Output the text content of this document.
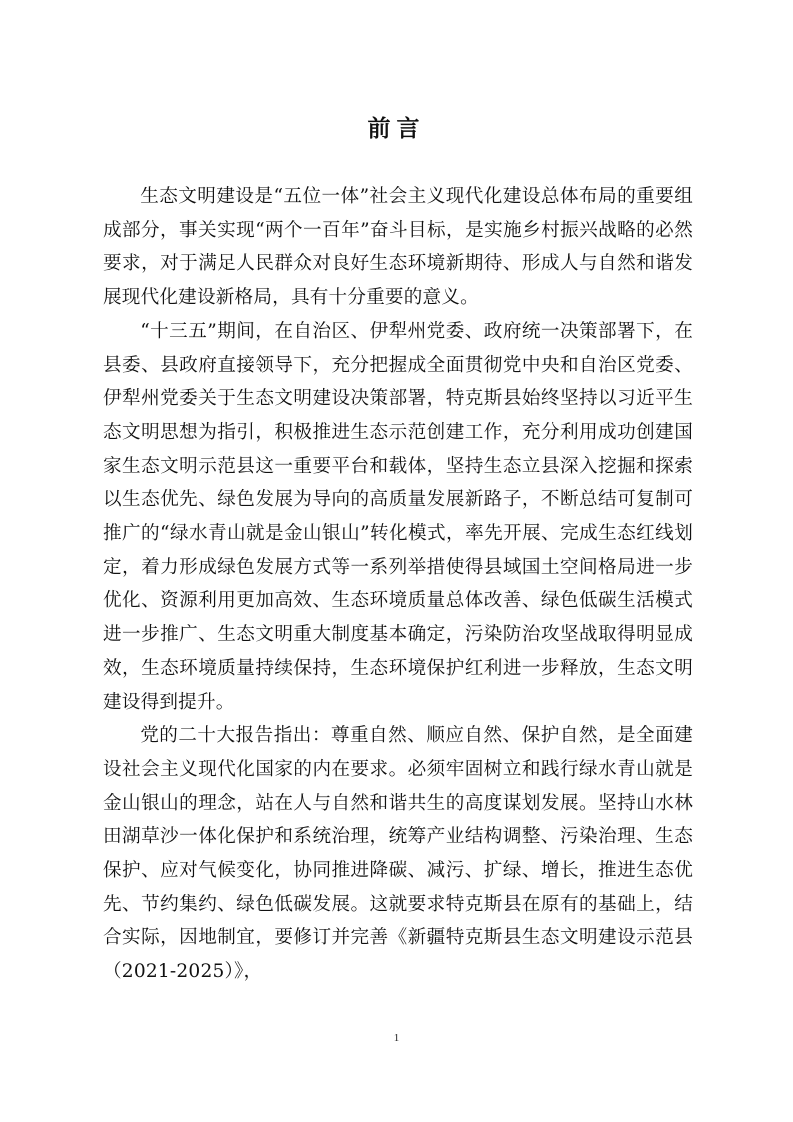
前言

生态文明建设是“五位一体”社会主义现代化建设总体布局的重要组成部分，事关实现“两个一百年”奋斗目标，是实施乡村振兴战略的必然要求，对于满足人民群众对良好生态环境新期待、形成人与自然和谐发展现代化建设新格局，具有十分重要的意义。

“十三五”期间，在自治区、伊犁州党委、政府统一决策部署下，在县委、县政府直接领导下，充分把握成全面贯彻党中央和自治区党委、伊犁州党委关于生态文明建设决策部署，特克斯县始终坚持以习近平生态文明思想为指引，积极推进生态示范创建工作，充分利用成功创建国家生态文明示范县这一重要平台和载体，坚持生态立县深入挖掘和探索以生态优先、绿色发展为导向的高质量发展新路子，不断总结可复制可推广的“绿水青山就是金山银山”转化模式，率先开展、完成生态红线划定，着力形成绿色发展方式等一系列举措使得县域国土空间格局进一步优化、资源利用更加高效、生态环境质量总体改善、绿色低碳生活模式进一步推广、生态文明重大制度基本确定，污染防治攻坚战取得明显成效，生态环境质量持续保持，生态环境保护红利进一步释放，生态文明建设得到提升。

党的二十大报告指出：尊重自然、顺应自然、保护自然，是全面建设社会主义现代化国家的内在要求。必须牢固树立和践行绿水青山就是金山银山的理念，站在人与自然和谐共生的高度谋划发展。坚持山水林田湖草沙一体化保护和系统治理，统筹产业结构调整、污染治理、生态保护、应对气候变化，协同推进降碳、减污、扩绿、增长，推进生态优先、节约集约、绿色低碳发展。这就要求特克斯县在原有的基础上，结合实际，因地制宜，要修订并完善《新疆特克斯县生态文明建设示范县（2021-2025）》，

1
